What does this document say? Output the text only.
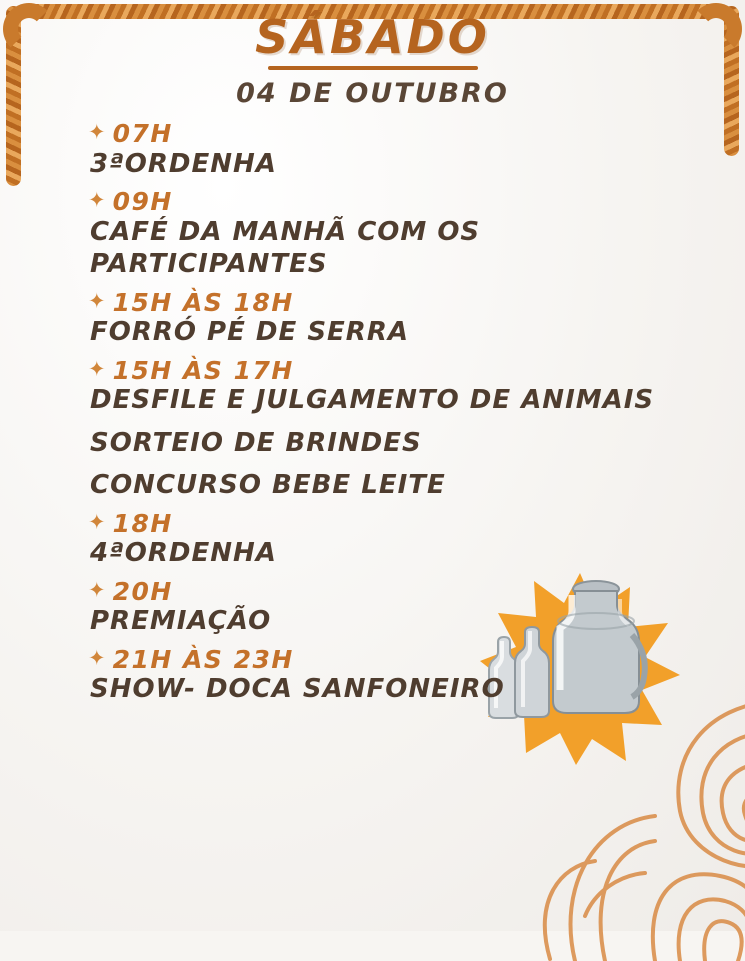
SÁBADO
04 DE OUTUBRO
✦ 07H
3ªORDENHA
✦ 09H
CAFÉ DA MANHÃ COM OS PARTICIPANTES
✦ 15H ÀS 18H
FORRÓ PÉ DE SERRA
✦ 15H ÀS 17H
DESFILE E JULGAMENTO DE ANIMAIS
SORTEIO DE BRINDES
CONCURSO BEBE LEITE
✦ 18H
4ªORDENHA
✦ 20H
PREMIAÇÃO
✦ 21H ÀS 23H
SHOW- DOCA SANFONEIRO
